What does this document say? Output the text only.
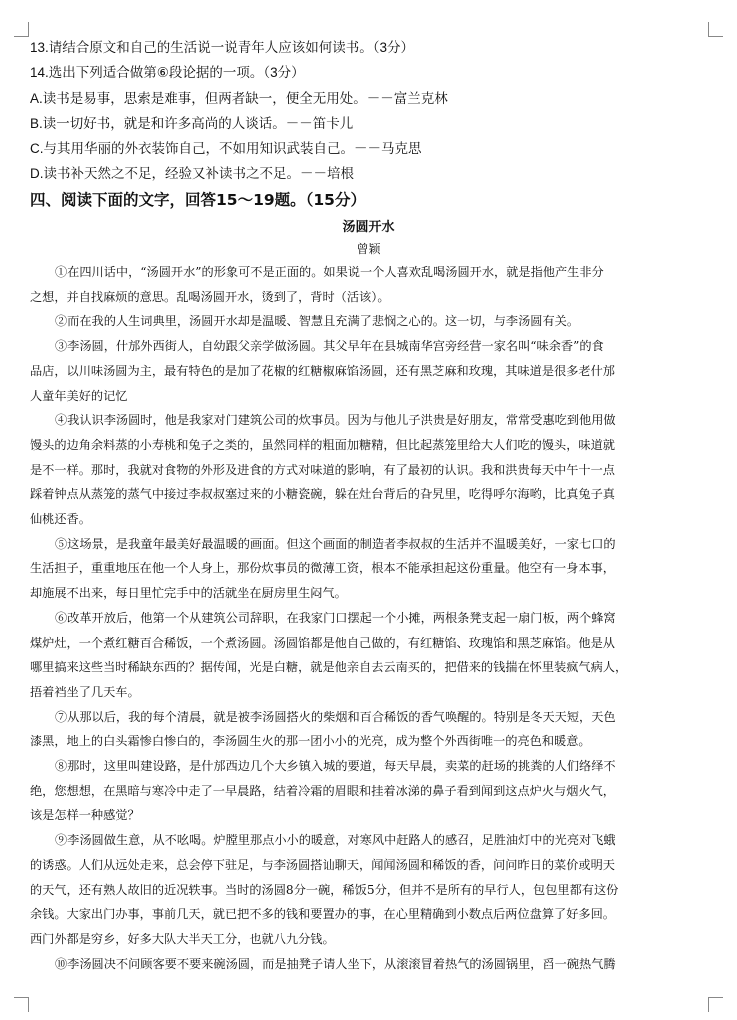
13.请结合原文和自己的生活说一说青年人应该如何读书。（3分）
14.选出下列适合做第⑥段论据的一项。（3分）
A.读书是易事，思索是难事，但两者缺一，便全无用处。－－富兰克林
B.读一切好书，就是和许多高尚的人谈话。－－笛卡儿
C.与其用华丽的外衣装饰自己，不如用知识武装自己。－－马克思
D.读书补天然之不足，经验又补读书之不足。－－培根
四、阅读下面的文字，回答15～19题。（15分）
汤圆开水
曾颖
①在四川话中，“汤圆开水”的形象可不是正面的。如果说一个人喜欢乱喝汤圆开水，就是指他产生非分
之想，并自找麻烦的意思。乱喝汤圆开水，烫到了，背时（活该）。
②而在我的人生词典里，汤圆开水却是温暖、智慧且充满了悲悯之心的。这一切，与李汤圆有关。
③李汤圆，什邡外西街人，自幼跟父亲学做汤圆。其父早年在县城南华宫旁经营一家名叫“味余香”的食
品店，以川味汤圆为主，最有特色的是加了花椒的红糖椒麻馅汤圆，还有黑芝麻和玫瑰，其味道是很多老什邡
人童年美好的记忆
④我认识李汤圆时，他是我家对门建筑公司的炊事员。因为与他儿子洪贵是好朋友，常常受惠吃到他用做
馒头的边角余料蒸的小寿桃和兔子之类的，虽然同样的粗面加糖精，但比起蒸笼里给大人们吃的馒头，味道就
是不一样。那时，我就对食物的外形及进食的方式对味道的影响，有了最初的认识。我和洪贵每天中午十一点
踩着钟点从蒸笼的蒸气中接过李叔叔塞过来的小糖瓷碗，躲在灶台背后的旮旯里，吃得呼尔海哟，比真兔子真
仙桃还香。
⑤这场景，是我童年最美好最温暖的画面。但这个画面的制造者李叔叔的生活并不温暖美好，一家七口的
生活担子，重重地压在他一个人身上，那份炊事员的微薄工资，根本不能承担起这份重量。他空有一身本事，
却施展不出来，每日里忙完手中的活就坐在厨房里生闷气。
⑥改革开放后，他第一个从建筑公司辞职，在我家门口摆起一个小摊，两根条凳支起一扇门板，两个蜂窝
煤炉灶，一个煮红糖百合稀饭，一个煮汤圆。汤圆馅都是他自己做的，有红糖馅、玫瑰馅和黑芝麻馅。他是从
哪里搞来这些当时稀缺东西的？据传闻，光是白糖，就是他亲自去云南买的，把借来的钱揣在怀里装疯气病人，
捂着裆坐了几天车。
⑦从那以后，我的每个清晨，就是被李汤圆搭火的柴烟和百合稀饭的香气唤醒的。特别是冬天天短，天色
漆黑，地上的白头霜惨白惨白的，李汤圆生火的那一团小小的光亮，成为整个外西街唯一的亮色和暖意。
⑧那时，这里叫建设路，是什邡西边几个大乡镇入城的要道，每天早晨，卖菜的赶场的挑粪的人们络绎不
绝，您想想，在黑暗与寒冷中走了一早晨路，结着冷霜的眉眼和挂着冰涕的鼻子看到闻到这点炉火与烟火气，
该是怎样一种感觉？
⑨李汤圆做生意，从不吆喝。炉膛里那点小小的暖意，对寒风中赶路人的感召，足胜油灯中的光亮对飞蛾
的诱惑。人们从远处走来，总会停下驻足，与李汤圆搭讪聊天，闻闻汤圆和稀饭的香，问问昨日的菜价或明天
的天气，还有熟人故旧的近况轶事。当时的汤圆8分一碗，稀饭5分，但并不是所有的早行人，包包里都有这份
余钱。大家出门办事，事前几天，就已把不多的钱和要置办的事，在心里精确到小数点后两位盘算了好多回。
西门外都是穷乡，好多大队大半天工分，也就八九分钱。
⑩李汤圆决不问顾客要不要来碗汤圆，而是抽凳子请人坐下，从滚滚冒着热气的汤圆锅里，舀一碗热气腾
